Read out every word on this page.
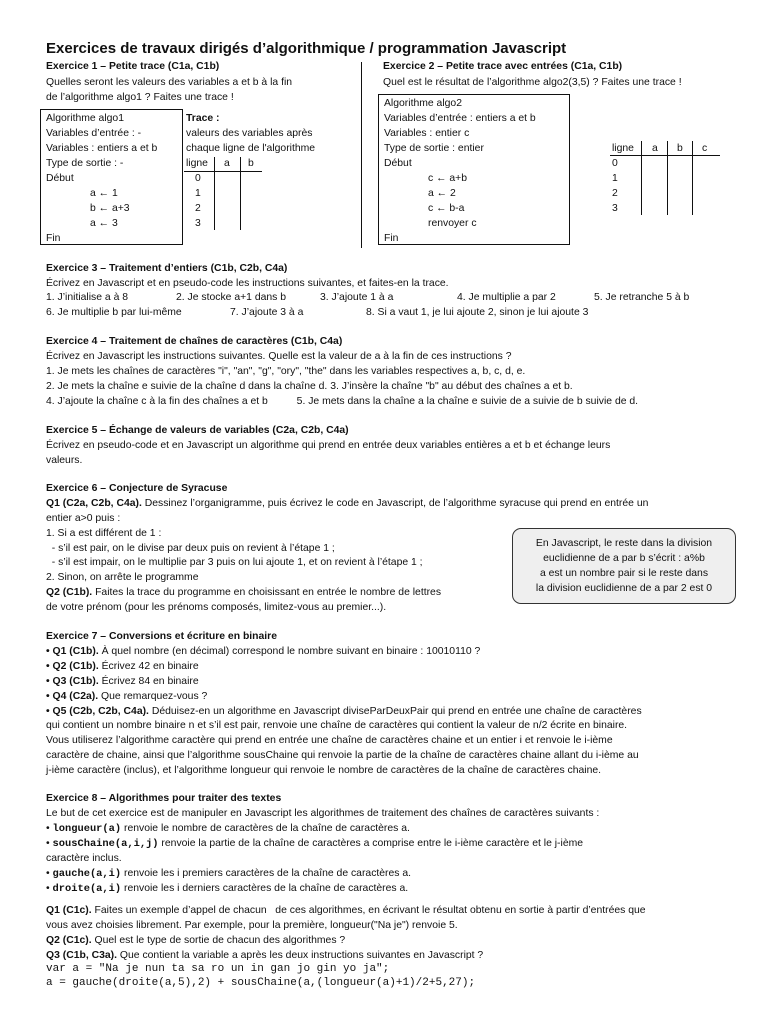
Exercices de travaux dirigés d’algorithmique / programmation Javascript
Exercice 1 – Petite trace (C1a, C1b)
Quelles seront les valeurs des variables a et b à la fin
de l’algorithme algo1 ? Faites une trace !
Algorithme algo1
Variables d’entrée : -
Variables : entiers a et b
Type de sortie : -
Début
a ← 1
b ← a+3
a ← 3
Fin
Trace :
valeurs des variables après
chaque ligne de l'algorithme
ligne a b
0
1
2
3
Exercice 2 – Petite trace avec entrées (C1a, C1b)
Quel est le résultat de l’algorithme algo2(3,5) ? Faites une trace !
Algorithme algo2
Variables d’entrée : entiers a et b
Variables : entier c
Type de sortie : entier
Début
c ← a+b
a ← 2
c ← b-a
renvoyer c
Fin
ligne a b c
0
1
2
3
Exercice 3 – Traitement d’entiers (C1b, C2b, C4a)
Écrivez en Javascript et en pseudo-code les instructions suivantes, et faites-en la trace.
1. J’initialise a à 8	2. Je stocke a+1 dans b	3. J’ajoute 1 à a	4. Je multiplie a par 2	5. Je retranche 5 à b
6. Je multiplie b par lui-même	7. J’ajoute 3 à a	8. Si a vaut 1, je lui ajoute 2, sinon je lui ajoute 3
Exercice 4 – Traitement de chaînes de caractères (C1b, C4a)
Écrivez en Javascript les instructions suivantes. Quelle est la valeur de a à la fin de ces instructions ?
1. Je mets les chaînes de caractères "i", "an", "g", "ory", "the" dans les variables respectives a, b, c, d, e.
2. Je mets la chaîne e suivie de la chaîne d dans la chaîne d. 3. J’insère la chaîne "b" au début des chaînes a et b.
4. J’ajoute la chaîne c à la fin des chaînes a et b          5. Je mets dans la chaîne a la chaîne e suivie de a suivie de b suivie de d.
Exercice 5 – Échange de valeurs de variables (C2a, C2b, C4a)
Écrivez en pseudo-code et en Javascript un algorithme qui prend en entrée deux variables entières a et b et échange leurs
valeurs.
Exercice 6 – Conjecture de Syracuse
Q1 (C2a, C2b, C4a). Dessinez l’organigramme, puis écrivez le code en Javascript, de l’algorithme syracuse qui prend en entrée un
entier a>0 puis :
1. Si a est différent de 1 :
- s’il est pair, on le divise par deux puis on revient à l’étape 1 ;
- s’il est impair, on le multiplie par 3 puis on lui ajoute 1, et on revient à l’étape 1 ;
2. Sinon, on arrête le programme
Q2 (C1b). Faites la trace du programme en choisissant en entrée le nombre de lettres
de votre prénom (pour les prénoms composés, limitez-vous au premier...).
En Javascript, le reste dans la division
euclidienne de a par b s’écrit : a%b
a est un nombre pair si le reste dans
la division euclidienne de a par 2 est 0
Exercice 7 – Conversions et écriture en binaire
• Q1 (C1b). À quel nombre (en décimal) correspond le nombre suivant en binaire : 10010110 ?
• Q2 (C1b). Écrivez 42 en binaire
• Q3 (C1b). Écrivez 84 en binaire
• Q4 (C2a). Que remarquez-vous ?
• Q5 (C2b, C2b, C4a). Déduisez-en un algorithme en Javascript diviseParDeuxPair qui prend en entrée une chaîne de caractères
qui contient un nombre binaire n et s’il est pair, renvoie une chaîne de caractères qui contient la valeur de n/2 écrite en binaire.
Vous utiliserez l’algorithme caractère qui prend en entrée une chaîne de caractères chaine et un entier i et renvoie le i-ième
caractère de chaine, ainsi que l’algorithme sousChaine qui renvoie la partie de la chaîne de caractères chaine allant du i-ième au
j-ième caractère (inclus), et l’algorithme longueur qui renvoie le nombre de caractères de la chaîne de caractères chaine.
Exercice 8 – Algorithmes pour traiter des textes
Le but de cet exercice est de manipuler en Javascript les algorithmes de traitement des chaînes de caractères suivants :
• longueur(a) renvoie le nombre de caractères de la chaîne de caractères a.
• sousChaine(a,i,j) renvoie la partie de la chaîne de caractères a comprise entre le i-ième caractère et le j-ième
caractère inclus.
• gauche(a,i) renvoie les i premiers caractères de la chaîne de caractères a.
• droite(a,i) renvoie les i derniers caractères de la chaîne de caractères a.
Q1 (C1c). Faites un exemple d’appel de chacun   de ces algorithmes, en écrivant le résultat obtenu en sortie à partir d’entrées que
vous avez choisies librement. Par exemple, pour la première, longueur("Na je") renvoie 5.
Q2 (C1c). Quel est le type de sortie de chacun des algorithmes ?
Q3 (C1b, C3a). Que contient la variable a après les deux instructions suivantes en Javascript ?
var a = "Na je nun ta sa ro un in gan jo gin yo ja";
a = gauche(droite(a,5),2) + sousChaine(a,(longueur(a)+1)/2+5,27);
